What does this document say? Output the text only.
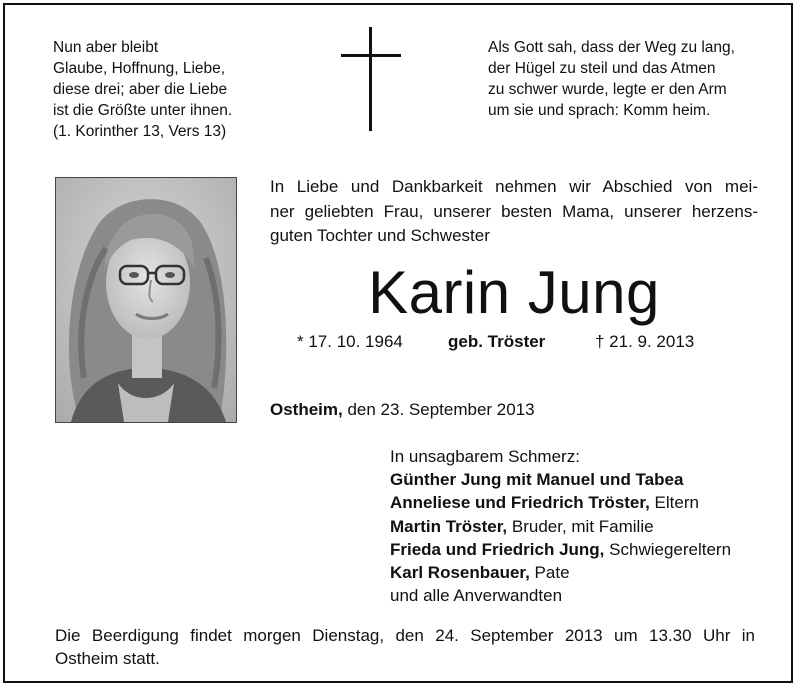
Nun aber bleibt
Glaube, Hoffnung, Liebe,
diese drei; aber die Liebe
ist die Größte unter ihnen.
(1. Korinther 13, Vers 13)
Als Gott sah, dass der Weg zu lang,
der Hügel zu steil und das Atmen
zu schwer wurde, legte er den Arm
um sie und sprach: Komm heim.
In Liebe und Dankbarkeit nehmen wir Abschied von mei-
ner geliebten Frau, unserer besten Mama, unserer herzens-
guten Tochter und Schwester
Karin Jung
* 17. 10. 1964	geb. Tröster	† 21. 9. 2013
Ostheim, den 23. September 2013
In unsagbarem Schmerz:
Günther Jung mit Manuel und Tabea
Anneliese und Friedrich Tröster, Eltern
Martin Tröster, Bruder, mit Familie
Frieda und Friedrich Jung, Schwiegereltern
Karl Rosenbauer, Pate
und alle Anverwandten
Die Beerdigung findet morgen Dienstag, den 24. September 2013 um 13.30 Uhr in
Ostheim statt.
